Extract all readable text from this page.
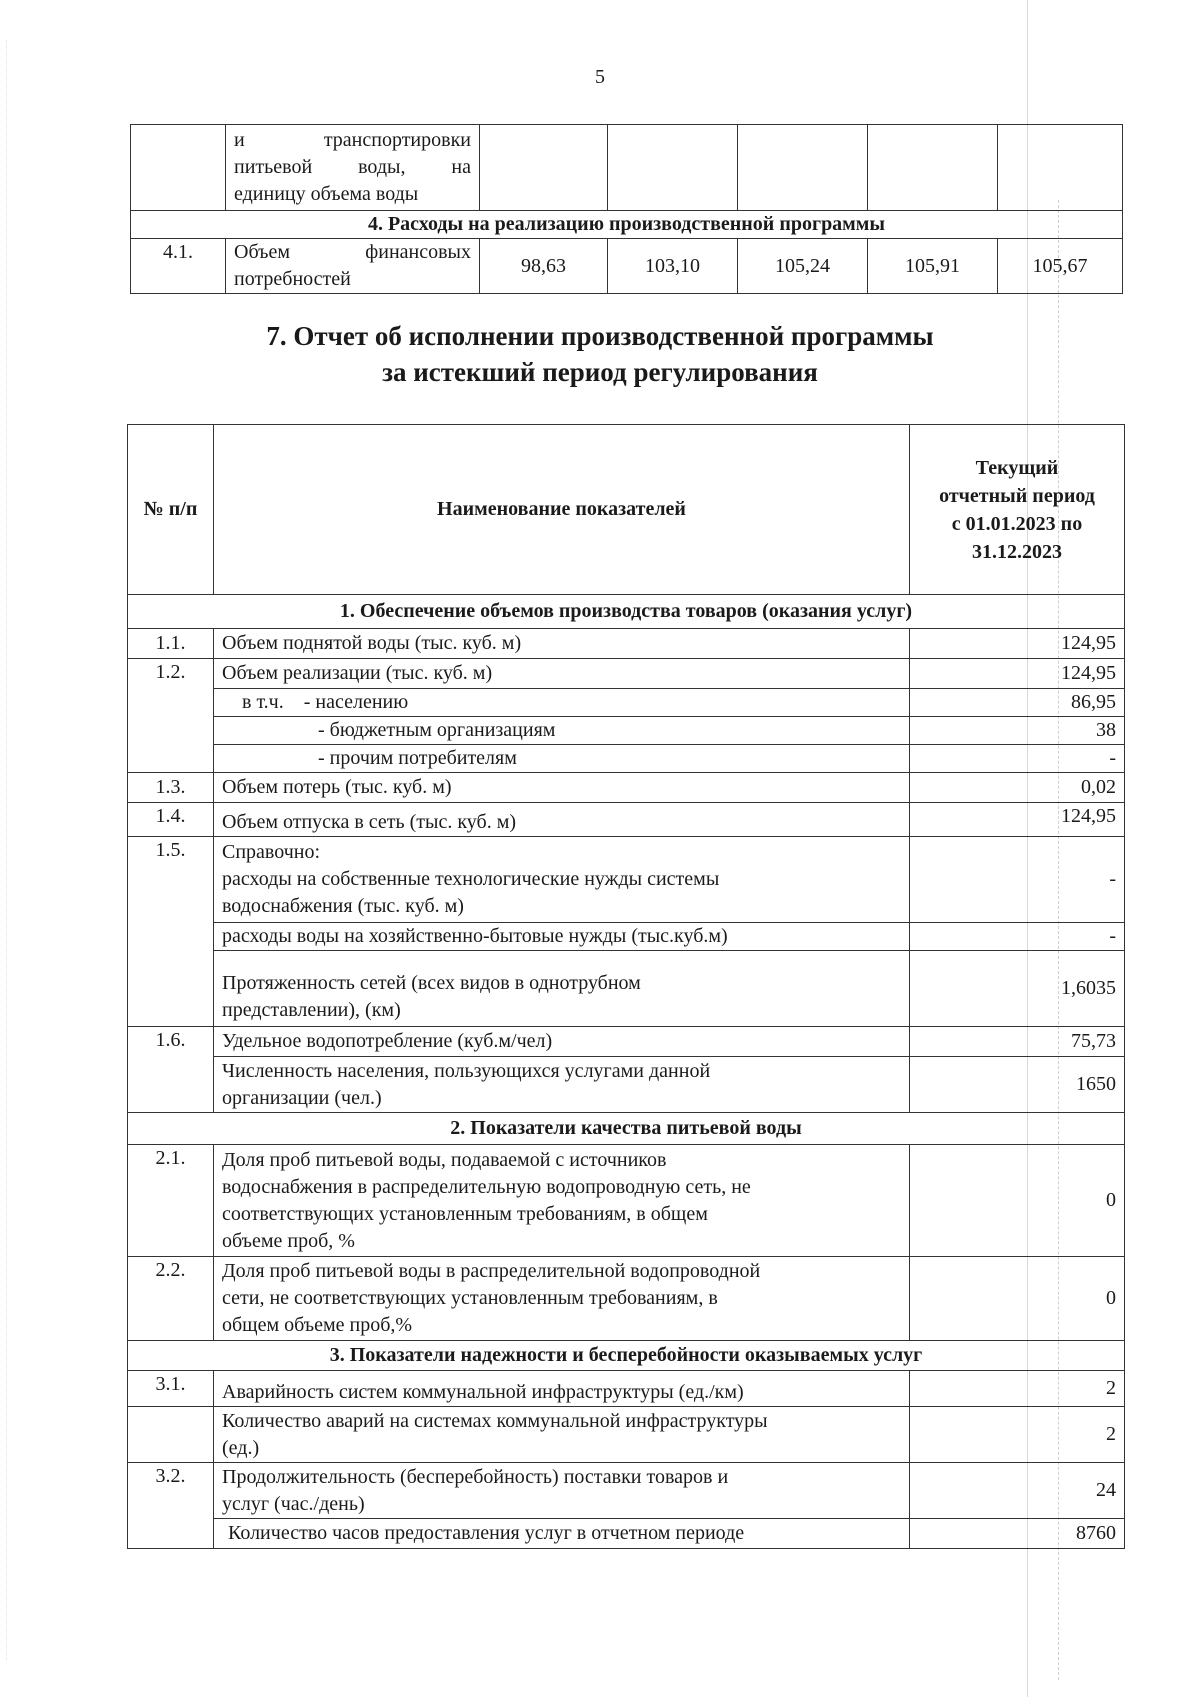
5

	и транспортировки
питьевой воды, на
единицу объема воды					

4. Расходы на реализацию производственной программы						
4.1.	Объем финансовых
потребностей	98,63	103,10	105,24	105,91	105,67
7. Отчет об исполнении производственной программы
за истекший период регулирования
№ п/п	Наименование показателей	Текущий
отчетный период
с 01.01.2023 по
31.12.2023

1. Обеспечение объемов производства товаров (оказания услуг)		
1.1.	Объем поднятой воды (тыс. куб. м)	124,95
1.2.	Объем реализации (тыс. куб. м)	124,95
	в т.ч.    - населению	86,95
	- бюджетным организациям	38
	- прочим потребителям	-
1.3.	Объем потерь (тыс. куб. м)	0,02
1.4.	Объем отпуска в сеть (тыс. куб. м)	124,95
1.5.	Справочно:
расходы на собственные технологические нужды системы
водоснабжения (тыс. куб. м)	-
	расходы воды на хозяйственно-бытовые нужды (тыс.куб.м)	-

	Протяженность сетей (всех видов в однотрубном
представлении), (км)	1,6035
1.6.	Удельное водопотребление (куб.м/чел)	75,73

	Численность населения, пользующихся услугами данной
организации (чел.)	1650
2. Показатели качества питьевой воды		
2.1.	Доля проб питьевой воды, подаваемой с источников
водоснабжения в распределительную водопроводную сеть, не
соответствующих установленным требованиям, в общем
объеме проб, %	0
2.2.	Доля проб питьевой воды в распределительной водопроводной
сети, не соответствующих установленным требованиям, в
общем объеме проб,%	0
3. Показатели надежности и бесперебойности оказываемых услуг		
3.1.	Аварийность систем коммунальной инфраструктуры (ед./км)	2

	Количество аварий на системах коммунальной инфраструктуры
(ед.)	2
3.2.	Продолжительность (бесперебойность) поставки товаров и
услуг (час./день)	24
	Количество часов предоставления услуг в отчетном периоде	8760
